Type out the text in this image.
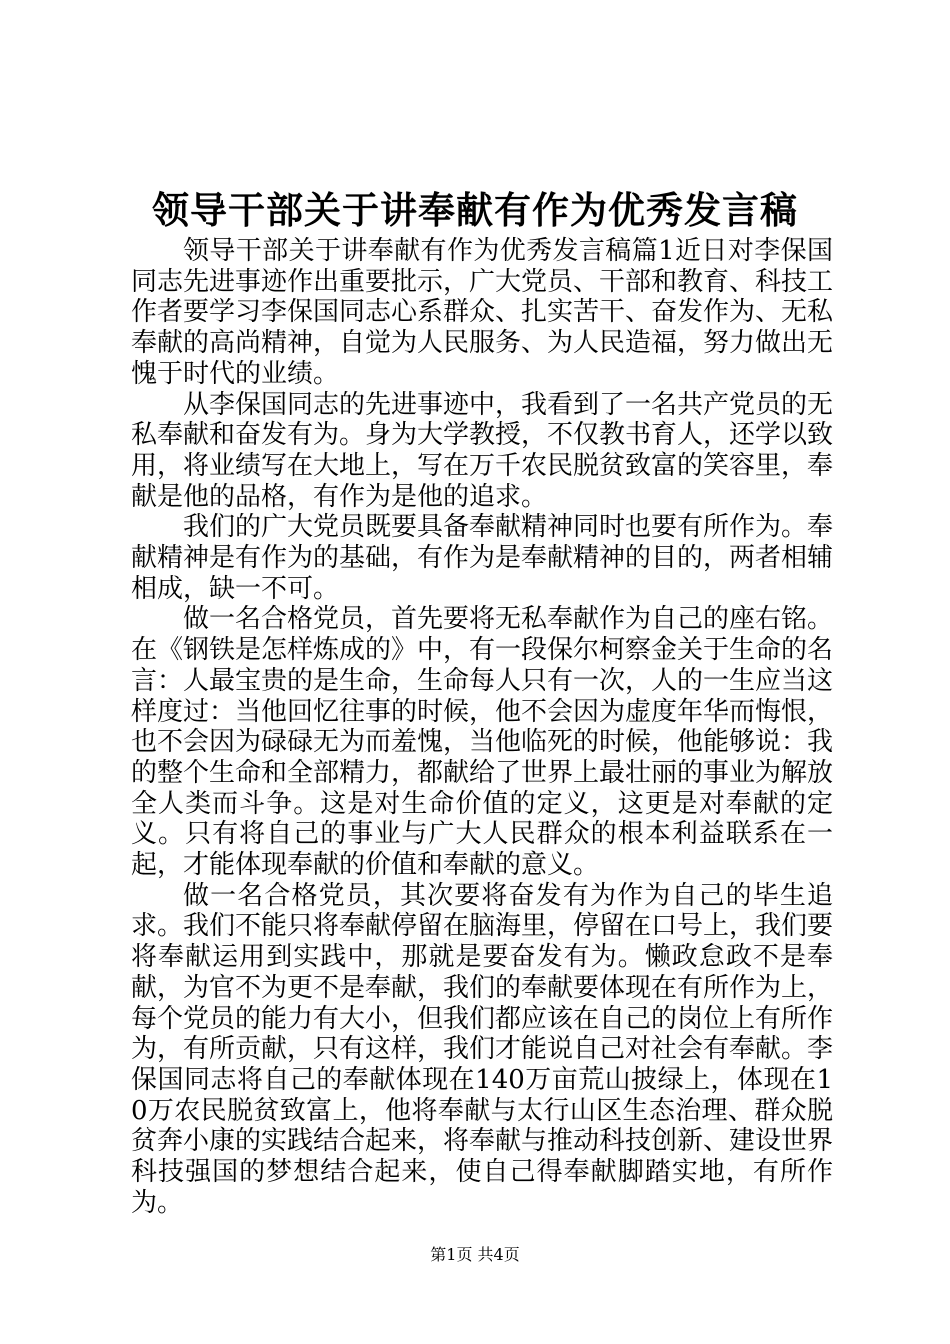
领导干部关于讲奉献有作为优秀发言稿

领导干部关于讲奉献有作为优秀发言稿篇1近日对李保国同志先进事迹作出重要批示，广大党员、干部和教育、科技工作者要学习李保国同志心系群众、扎实苦干、奋发作为、无私奉献的高尚精神，自觉为人民服务、为人民造福，努力做出无愧于时代的业绩。

从李保国同志的先进事迹中，我看到了一名共产党员的无私奉献和奋发有为。身为大学教授，不仅教书育人，还学以致用，将业绩写在大地上，写在万千农民脱贫致富的笑容里，奉献是他的品格，有作为是他的追求。

我们的广大党员既要具备奉献精神同时也要有所作为。奉献精神是有作为的基础，有作为是奉献精神的目的，两者相辅相成，缺一不可。

做一名合格党员，首先要将无私奉献作为自己的座右铭。在《钢铁是怎样炼成的》中，有一段保尔柯察金关于生命的名言：人最宝贵的是生命，生命每人只有一次，人的一生应当这样度过：当他回忆往事的时候，他不会因为虚度年华而悔恨，也不会因为碌碌无为而羞愧，当他临死的时候，他能够说：我的整个生命和全部精力，都献给了世界上最壮丽的事业为解放全人类而斗争。这是对生命价值的定义，这更是对奉献的定义。只有将自己的事业与广大人民群众的根本利益联系在一起，才能体现奉献的价值和奉献的意义。

做一名合格党员，其次要将奋发有为作为自己的毕生追求。我们不能只将奉献停留在脑海里，停留在口号上，我们要将奉献运用到实践中，那就是要奋发有为。懒政怠政不是奉献，为官不为更不是奉献，我们的奉献要体现在有所作为上，每个党员的能力有大小，但我们都应该在自己的岗位上有所作为，有所贡献，只有这样，我们才能说自己对社会有奉献。李保国同志将自己的奉献体现在140万亩荒山披绿上，体现在10万农民脱贫致富上，他将奉献与太行山区生态治理、群众脱贫奔小康的实践结合起来，将奉献与推动科技创新、建设世界科技强国的梦想结合起来，使自己得奉献脚踏实地，有所作为。

第1页 共4页
